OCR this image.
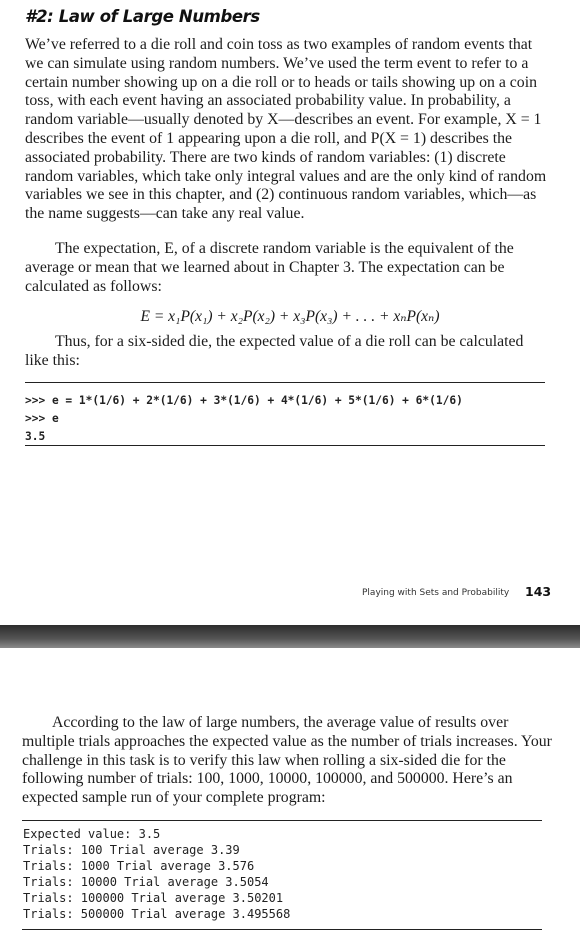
#2: Law of Large Numbers

We’ve referred to a die roll and coin toss as two examples of random events that we can simulate using random numbers. We’ve used the term event to refer to a certain number showing up on a die roll or to heads or tails showing up on a coin toss, with each event having an associated probability value. In probability, a random variable—usually denoted by X—describes an event. For example, X = 1 describes the event of 1 appearing upon a die roll, and P(X = 1) describes the associated probability. There are two kinds of random variables: (1) discrete random variables, which take only integral values and are the only kind of random variables we see in this chapter, and (2) continuous random variables, which—as the name suggests—can take any real value.

The expectation, E, of a discrete random variable is the equivalent of the average or mean that we learned about in Chapter 3. The expectation can be calculated as follows:

E = x₁P(x₁) + x₂P(x₂) + x₃P(x₃) + . . . + xₙP(xₙ)

Thus, for a six-sided die, the expected value of a die roll can be calculated like this:

>>> e = 1*(1/6) + 2*(1/6) + 3*(1/6) + 4*(1/6) + 5*(1/6) + 6*(1/6)
>>> e
3.5
Playing with Sets and Probability 143

According to the law of large numbers, the average value of results over multiple trials approaches the expected value as the number of trials increases. Your challenge in this task is to verify this law when rolling a six-sided die for the following number of trials: 100, 1000, 10000, 100000, and 500000. Here’s an expected sample run of your complete program:

Expected value: 3.5
Trials: 100 Trial average 3.39
Trials: 1000 Trial average 3.576
Trials: 10000 Trial average 3.5054
Trials: 100000 Trial average 3.50201
Trials: 500000 Trial average 3.495568
